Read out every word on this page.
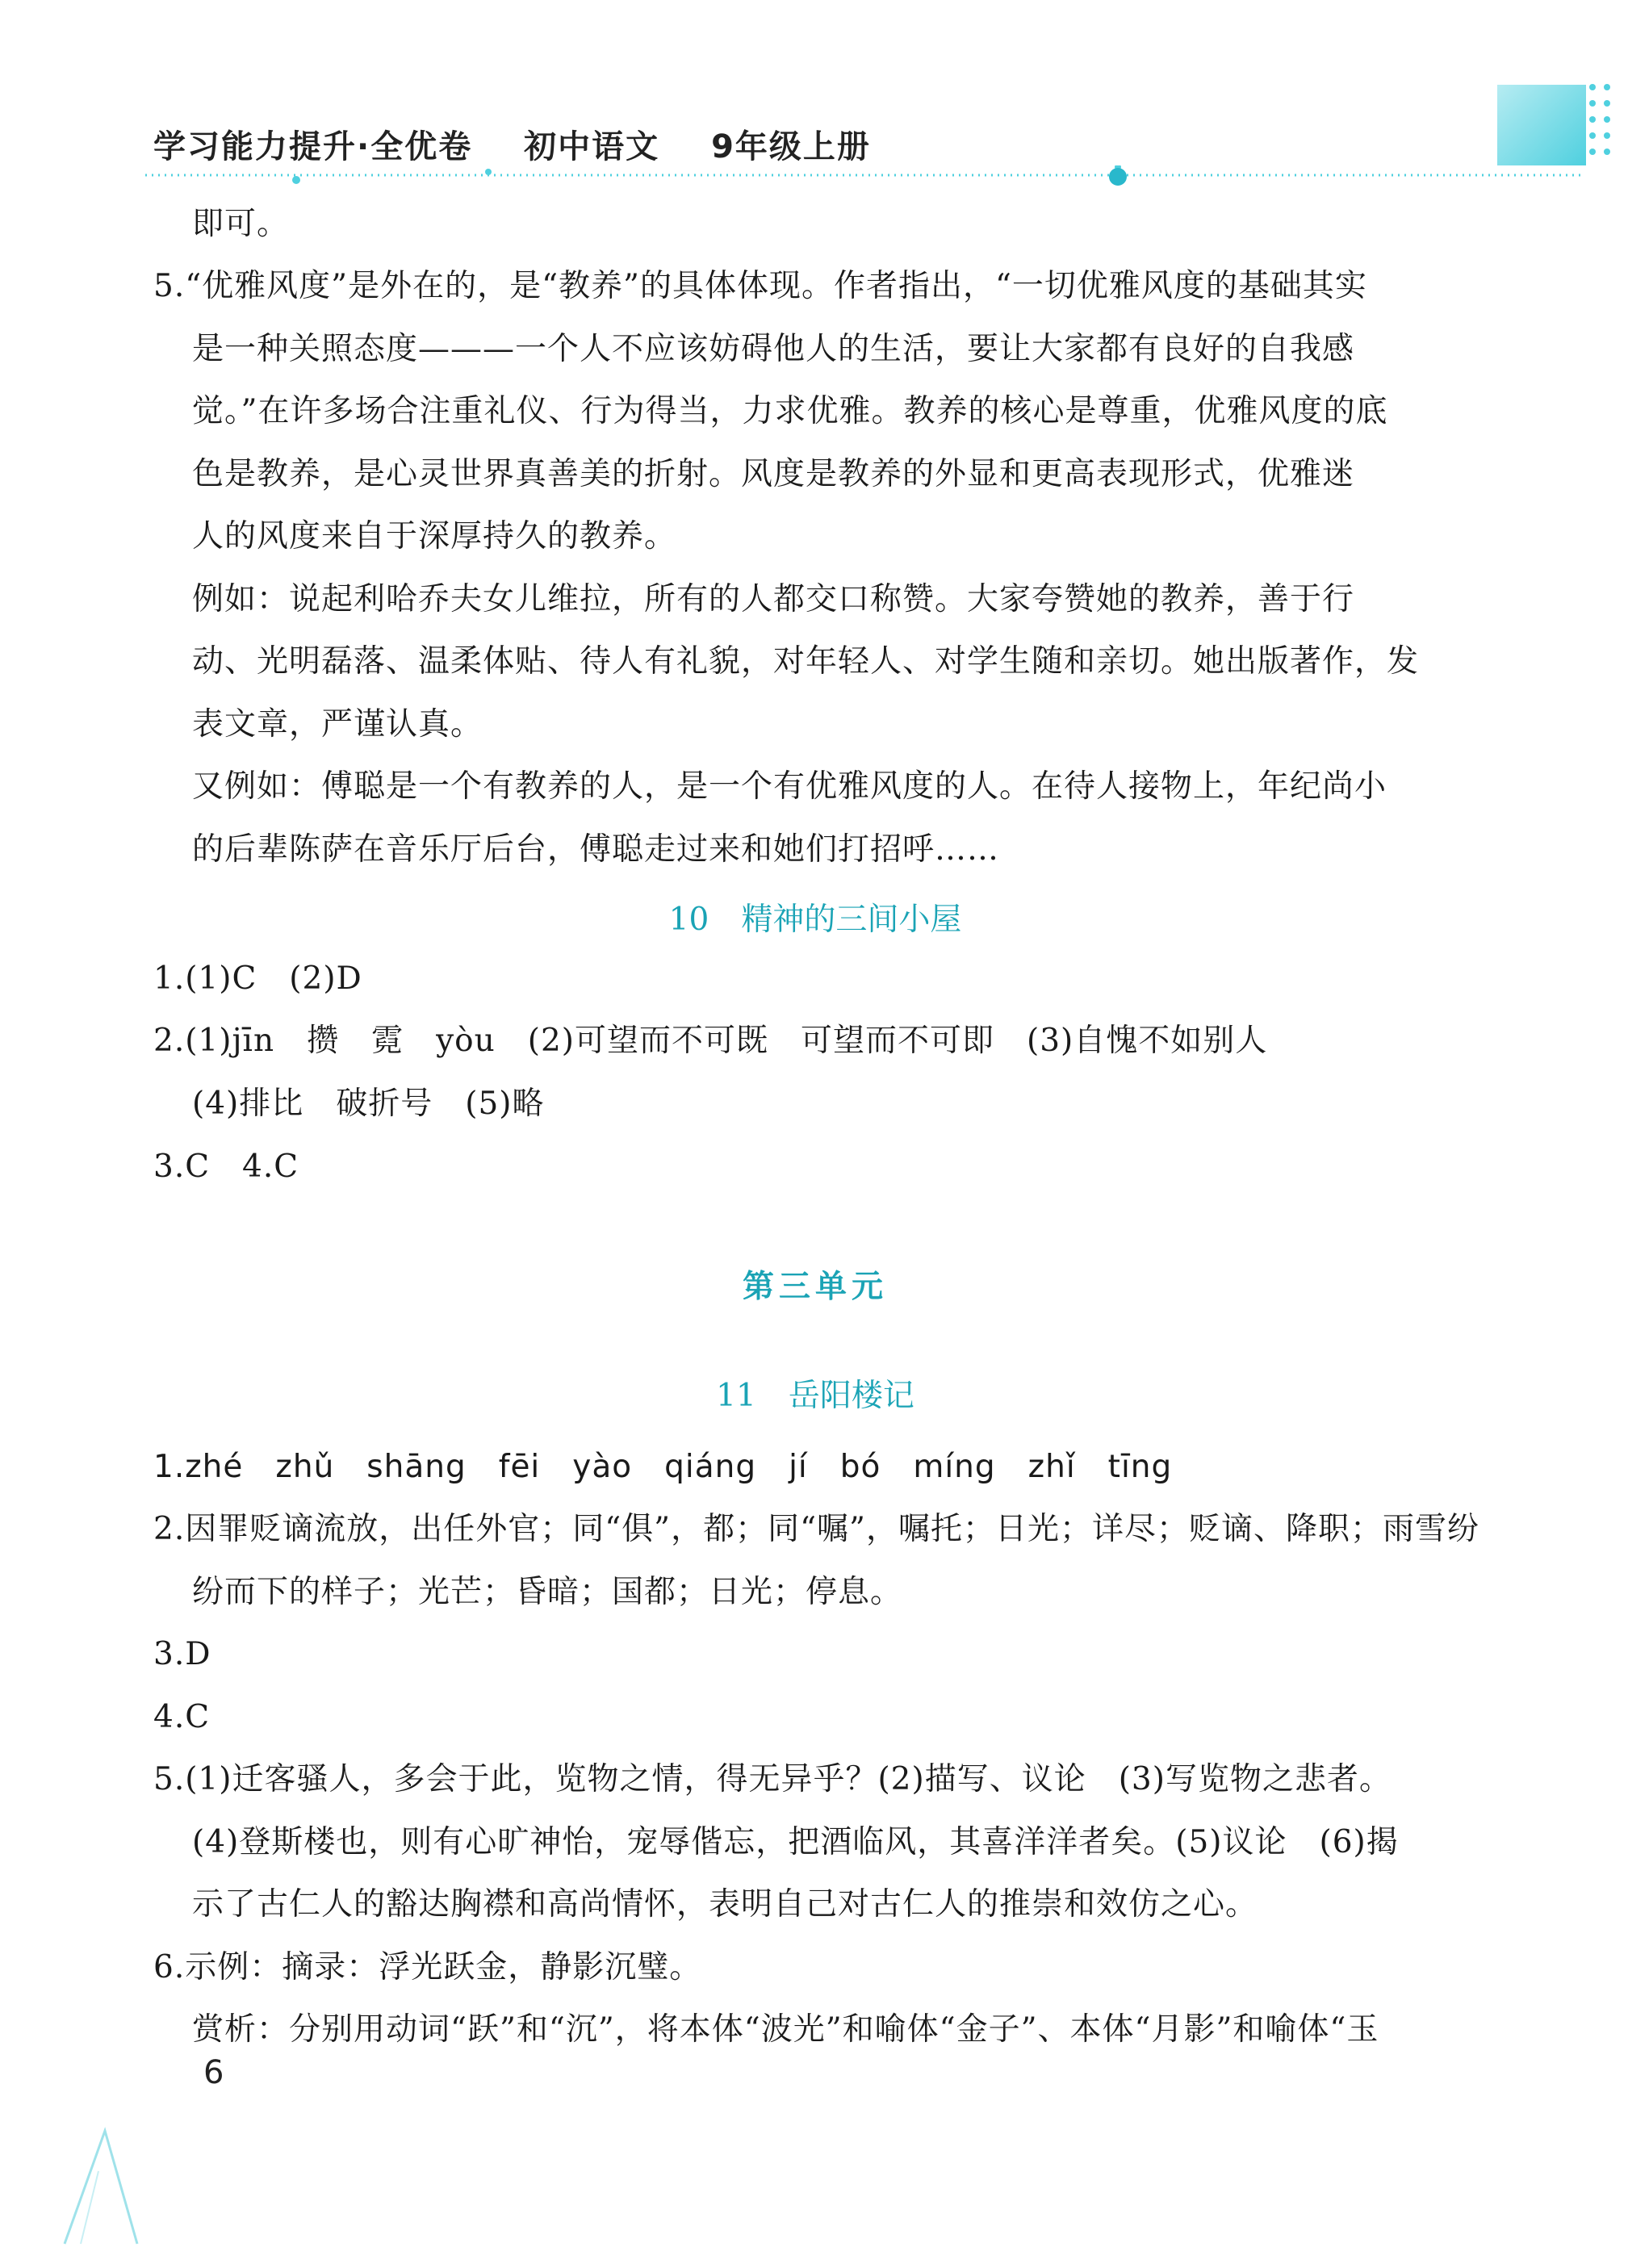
学习能力提升·全优卷 初中语文 9年级上册
即可。
5.“优雅风度”是外在的，是“教养”的具体体现。作者指出，“一切优雅风度的基础其实
是一种关照态度———一个人不应该妨碍他人的生活，要让大家都有良好的自我感
觉。”在许多场合注重礼仪、行为得当，力求优雅。教养的核心是尊重，优雅风度的底
色是教养，是心灵世界真善美的折射。风度是教养的外显和更高表现形式，优雅迷
人的风度来自于深厚持久的教养。
例如：说起利哈乔夫女儿维拉，所有的人都交口称赞。大家夸赞她的教养，善于行
动、光明磊落、温柔体贴、待人有礼貌，对年轻人、对学生随和亲切。她出版著作，发
表文章，严谨认真。
又例如：傅聪是一个有教养的人，是一个有优雅风度的人。在待人接物上，年纪尚小
的后辈陈萨在音乐厅后台，傅聪走过来和她们打招呼……
10 精神的三间小屋
1.(1)C　(2)D
2.(1)jīn　攒　霓　yòu　(2)可望而不可既　可望而不可即　(3)自愧不如别人
(4)排比　破折号　(5)略
3.C　4.C
第三单元
11 岳阳楼记
1.zhé　zhǔ　shāng　fēi　yào　qiáng　jí　bó　míng　zhǐ　tīng
2.因罪贬谪流放，出任外官；同“俱”，都；同“嘱”，嘱托；日光；详尽；贬谪、降职；雨雪纷
纷而下的样子；光芒；昏暗；国都；日光；停息。
3.D
4.C
5.(1)迁客骚人，多会于此，览物之情，得无异乎？(2)描写、议论　(3)写览物之悲者。
(4)登斯楼也，则有心旷神怡，宠辱偕忘，把酒临风，其喜洋洋者矣。(5)议论　(6)揭
示了古仁人的豁达胸襟和高尚情怀，表明自己对古仁人的推崇和效仿之心。
6.示例：摘录：浮光跃金，静影沉璧。
赏析：分别用动词“跃”和“沉”，将本体“波光”和喻体“金子”、本体“月影”和喻体“玉
6
